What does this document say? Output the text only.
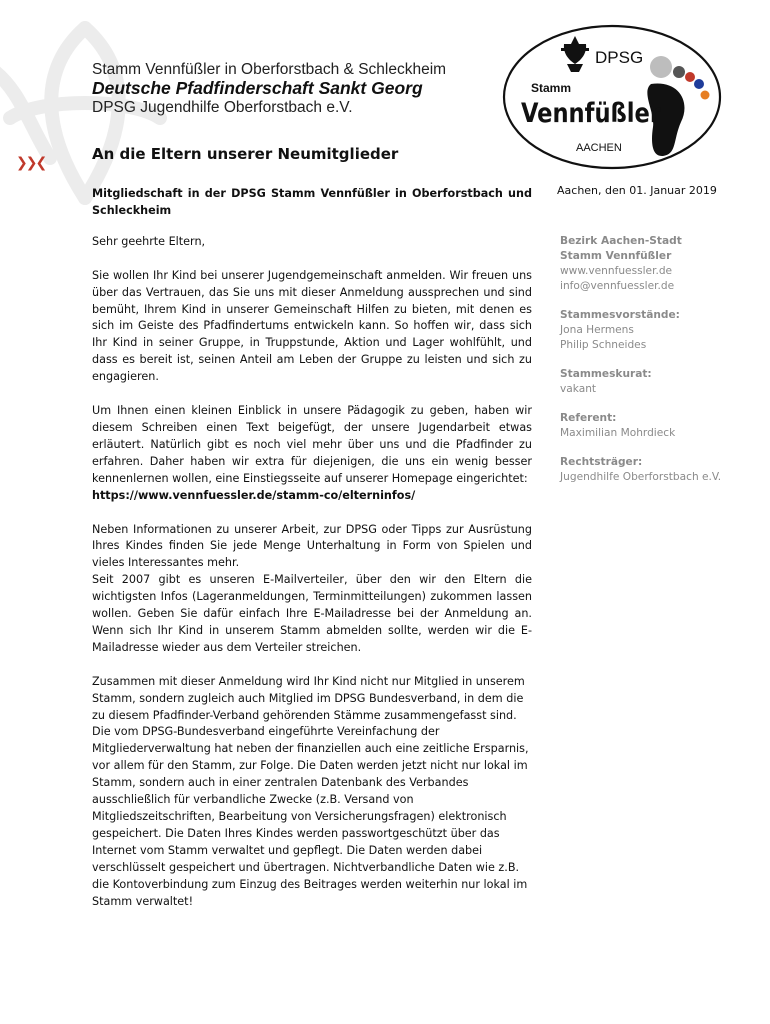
Stamm Vennfüßler in Oberforstbach & Schleckheim
Deutsche Pfadfinderschaft Sankt Georg
DPSG Jugendhilfe Oberforstbach e.V.
DPSG
Stamm
Vennfüßler
AACHEN
❯❯❮	An die Eltern unserer Neumitglieder
Aachen, den 01. Januar 2019

Mitgliedschaft in der DPSG Stamm Vennfüßler in Oberforstbach und Schleckheim

Sehr geehrte Eltern,

Sie wollen Ihr Kind bei unserer Jugendgemeinschaft anmelden. Wir freuen uns über das Vertrauen, das Sie uns mit dieser Anmeldung aussprechen und sind bemüht, Ihrem Kind in unserer Gemeinschaft Hilfen zu bieten, mit denen es sich im Geiste des Pfadfindertums entwickeln kann. So hoffen wir, dass sich Ihr Kind in seiner Gruppe, in Truppstunde, Aktion und Lager wohlfühlt, und dass es bereit ist, seinen Anteil am Leben der Gruppe zu leisten und sich zu engagieren.

Um Ihnen einen kleinen Einblick in unsere Pädagogik zu geben, haben wir diesem Schreiben einen Text beigefügt, der unsere Jugendarbeit etwas erläutert. Natürlich gibt es noch viel mehr über uns und die Pfadfinder zu erfahren. Daher haben wir extra für diejenigen, die uns ein wenig besser kennenlernen wollen, eine Einstiegsseite auf unserer Homepage eingerichtet:

https://www.vennfuessler.de/stamm-co/elterninfos/

Neben Informationen zu unserer Arbeit, zur DPSG oder Tipps zur Ausrüstung Ihres Kindes finden Sie jede Menge Unterhaltung in Form von Spielen und vieles Interessantes mehr.

Seit 2007 gibt es unseren E-Mailverteiler, über den wir den Eltern die wichtigsten Infos (Lageranmeldungen, Terminmitteilungen) zukommen lassen wollen. Geben Sie dafür einfach Ihre E-Mailadresse bei der Anmeldung an. Wenn sich Ihr Kind in unserem Stamm abmelden sollte, werden wir die E-Mailadresse wieder aus dem Verteiler streichen.

Zusammen mit dieser Anmeldung wird Ihr Kind nicht nur Mitglied in unserem Stamm, sondern zugleich auch Mitglied im DPSG Bundesverband, in dem die zu diesem Pfadfinder-Verband gehörenden Stämme zusammengefasst sind. Die vom DPSG-Bundesverband eingeführte Vereinfachung der Mitgliederverwaltung hat neben der finanziellen auch eine zeitliche Ersparnis, vor allem für den Stamm, zur Folge. Die Daten werden jetzt nicht nur lokal im Stamm, sondern auch in einer zentralen Datenbank des Verbandes ausschließlich für verbandliche Zwecke (z.B. Versand von Mitgliedszeitschriften, Bearbeitung von Versicherungsfragen) elektronisch gespeichert. Die Daten Ihres Kindes werden passwortgeschützt über das Internet vom Stamm verwaltet und gepflegt. Die Daten werden dabei verschlüsselt gespeichert und übertragen. Nichtverbandliche Daten wie z.B. die Kontoverbindung zum Einzug des Beitrages werden weiterhin nur lokal im Stamm verwaltet!

Bezirk Aachen-Stadt
Stamm Vennfüßler
www.vennfuessler.de
info@vennfuessler.de
Stammesvorstände:
Jona Hermens
Philip Schneides
Stammeskurat:
vakant
Referent:
Maximilian Mohrdieck
Rechtsträger:
Jugendhilfe Oberforstbach e.V.
